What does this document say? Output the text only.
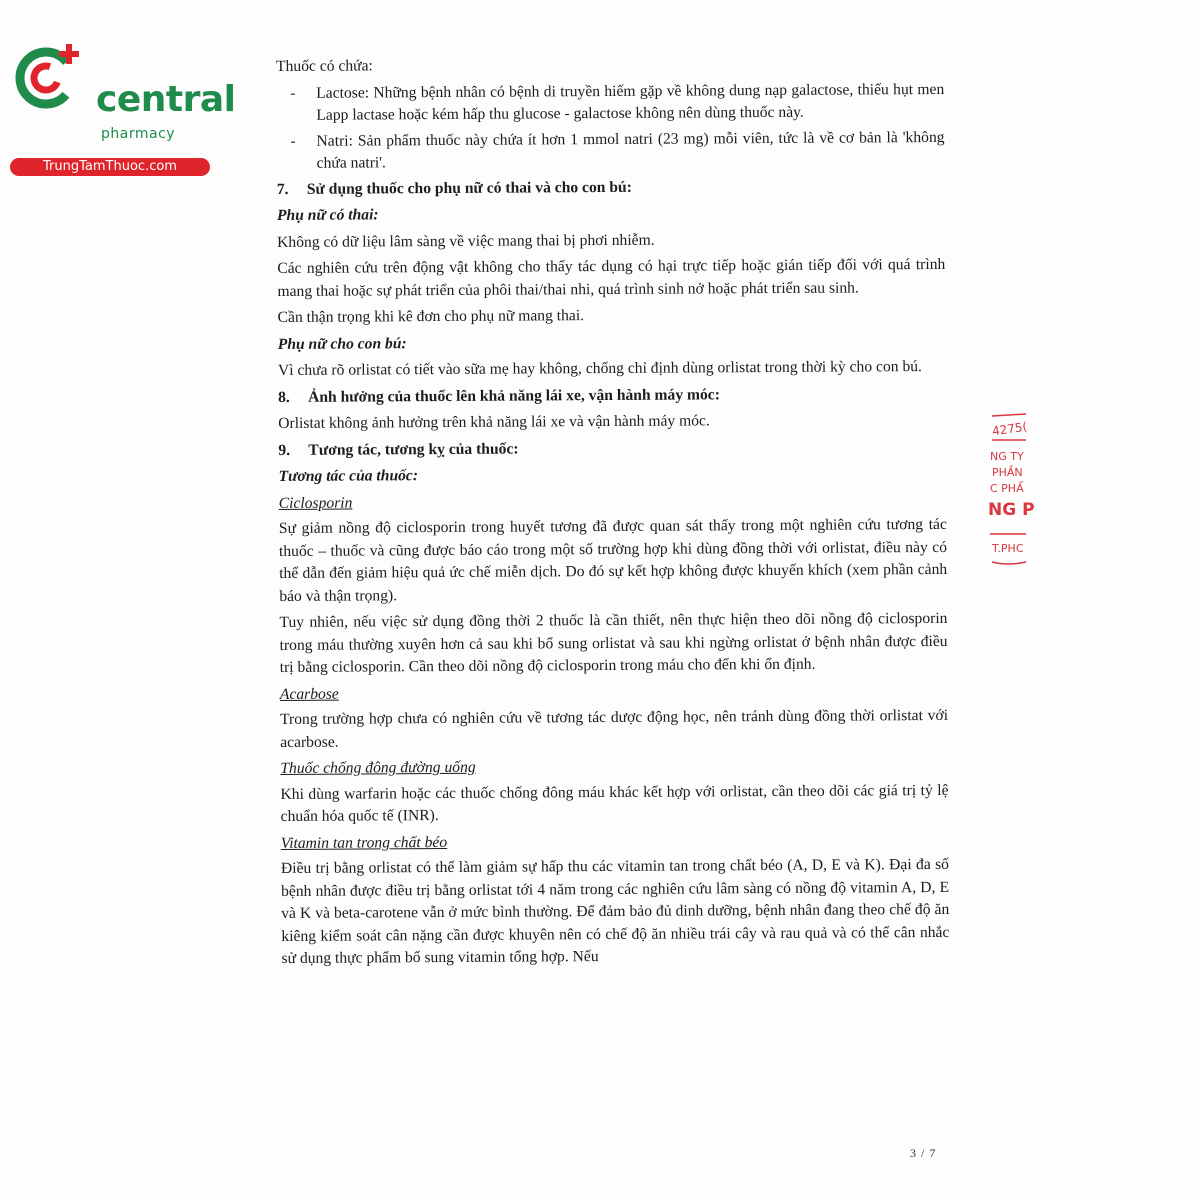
central
pharmacy
TrungTamThuoc.com

Thuốc có chứa:

-	Lactose: Những bệnh nhân có bệnh di truyền hiếm gặp về không dung nạp galactose, thiếu hụt men Lapp lactase hoặc kém hấp thu glucose - galactose không nên dùng thuốc này.
-	Natri: Sản phẩm thuốc này chứa ít hơn 1 mmol natri (23 mg) mỗi viên, tức là về cơ bản là 'không chứa natri'.
7. Sử dụng thuốc cho phụ nữ có thai và cho con bú:
Phụ nữ có thai:

Không có dữ liệu lâm sàng về việc mang thai bị phơi nhiễm.

Các nghiên cứu trên động vật không cho thấy tác dụng có hại trực tiếp hoặc gián tiếp đối với quá trình mang thai hoặc sự phát triển của phôi thai/thai nhi, quá trình sinh nở hoặc phát triển sau sinh.

Cần thận trọng khi kê đơn cho phụ nữ mang thai.

Phụ nữ cho con bú:

Vì chưa rõ orlistat có tiết vào sữa mẹ hay không, chống chỉ định dùng orlistat trong thời kỳ cho con bú.

8. Ảnh hưởng của thuốc lên khả năng lái xe, vận hành máy móc:

Orlistat không ảnh hưởng trên khả năng lái xe và vận hành máy móc.

9. Tương tác, tương kỵ của thuốc:
Tương tác của thuốc:
Ciclosporin

Sự giảm nồng độ ciclosporin trong huyết tương đã được quan sát thấy trong một nghiên cứu tương tác thuốc – thuốc và cũng được báo cáo trong một số trường hợp khi dùng đồng thời với orlistat, điều này có thể dẫn đến giảm hiệu quả ức chế miễn dịch. Do đó sự kết hợp không được khuyến khích (xem phần cảnh báo và thận trọng).

Tuy nhiên, nếu việc sử dụng đồng thời 2 thuốc là cần thiết, nên thực hiện theo dõi nồng độ ciclosporin trong máu thường xuyên hơn cả sau khi bổ sung orlistat và sau khi ngừng orlistat ở bệnh nhân được điều trị bằng ciclosporin. Cần theo dõi nồng độ ciclosporin trong máu cho đến khi ổn định.

Acarbose

Trong trường hợp chưa có nghiên cứu về tương tác dược động học, nên tránh dùng đồng thời orlistat với acarbose.

Thuốc chống đông đường uống

Khi dùng warfarin hoặc các thuốc chống đông máu khác kết hợp với orlistat, cần theo dõi các giá trị tỷ lệ chuẩn hóa quốc tế (INR).

Vitamin tan trong chất béo

Điều trị bằng orlistat có thể làm giảm sự hấp thu các vitamin tan trong chất béo (A, D, E và K). Đại đa số bệnh nhân được điều trị bằng orlistat tới 4 năm trong các nghiên cứu lâm sàng có nồng độ vitamin A, D, E và K và beta-carotene vẫn ở mức bình thường. Để đảm bảo đủ dinh dưỡng, bệnh nhân đang theo chế độ ăn kiêng kiểm soát cân nặng cần được khuyên nên có chế độ ăn nhiều trái cây và rau quả và có thể cân nhắc sử dụng thực phẩm bổ sung vitamin tổng hợp. Nếu

4275(
NG TY
PHẦN
C PHẨ
NG P
T.PHC
3 / 7
